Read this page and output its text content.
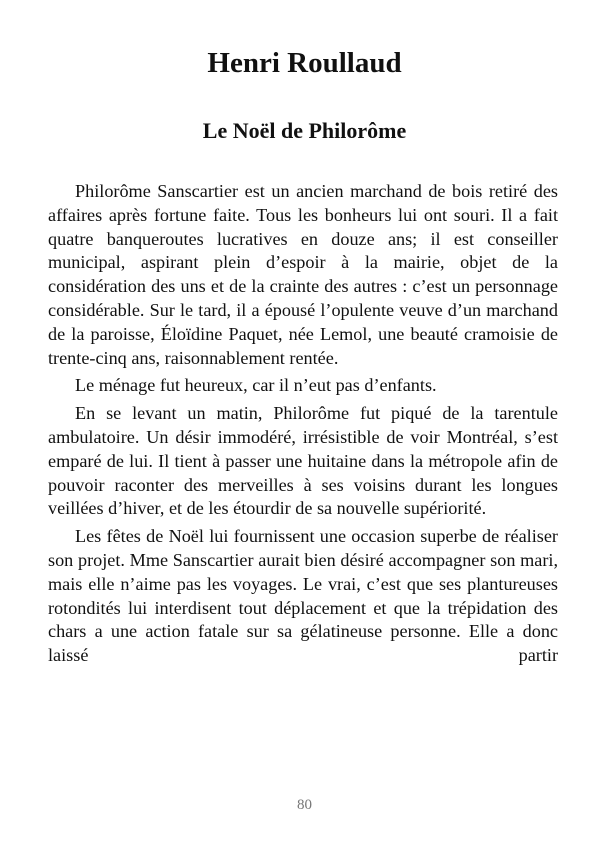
Henri Roullaud
Le Noël de Philorôme

Philorôme Sanscartier est un ancien marchand de bois retiré des affaires après fortune faite. Tous les bonheurs lui ont souri. Il a fait quatre banqueroutes lucratives en douze ans; il est conseiller municipal, aspirant plein d’espoir à la mairie, objet de la considération des uns et de la crainte des autres : c’est un personnage considérable. Sur le tard, il a épousé l’opulente veuve d’un marchand de la paroisse, Éloïdine Paquet, née Lemol, une beauté cramoisie de trente-cinq ans, raisonnablement rentée.

Le ménage fut heureux, car il n’eut pas d’enfants.

En se levant un matin, Philorôme fut piqué de la tarentule ambulatoire. Un désir immodéré, irrésistible de voir Montréal, s’est emparé de lui. Il tient à passer une huitaine dans la métropole afin de pouvoir raconter des merveilles à ses voisins durant les longues veillées d’hiver, et de les étourdir de sa nouvelle supériorité.

Les fêtes de Noël lui fournissent une occasion superbe de réaliser son projet. Mme Sanscartier aurait bien désiré accompagner son mari, mais elle n’aime pas les voyages. Le vrai, c’est que ses plantureuses rotondités lui interdisent tout déplacement et que la trépidation des chars a une action fatale sur sa gélatineuse personne. Elle a donc laissé partir

80
